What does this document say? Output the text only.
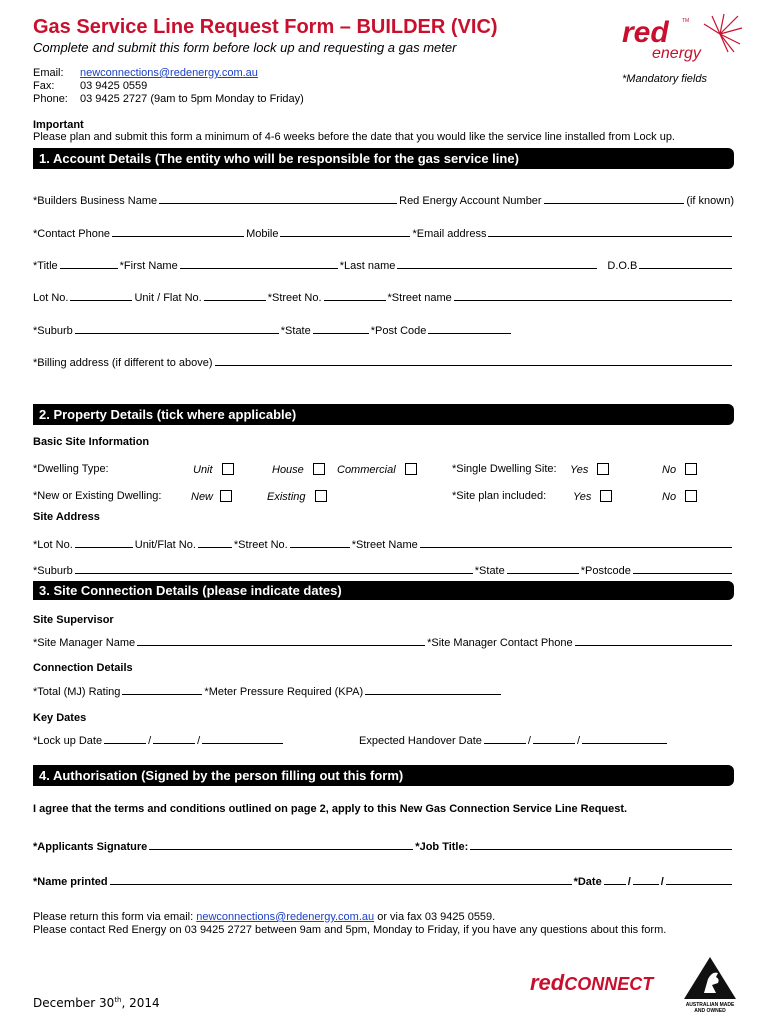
Gas Service Line Request Form – BUILDER (VIC)
Complete and submit this form before lock up and requesting a gas meter
Email: newconnections@redenergy.com.au
Fax: 03 9425 0559
Phone: 03 9425 2727 (9am to 5pm Monday to Friday)
red
energy
TM
*Mandatory fields
Important
Please plan and submit this form a minimum of 4-6 weeks before the date that you would like the service line installed from Lock up.
1. Account Details (The entity who will be responsible for the gas service line)
*Builders Business Name	Red Energy Account Number	(if known)
*Contact Phone	Mobile	*Email address
*Title	*First Name	*Last name	D.O.B
Lot No.	Unit / Flat No.	*Street No.	*Street name
*Suburb	*State	*Post Code
*Billing address (if different to above)
2. Property Details (tick where applicable)
Basic Site Information
*Dwelling Type:	Unit	House	Commercial	*Single Dwelling Site: Yes	No
*New or Existing Dwelling:	New	Existing	*Site plan included: Yes	No
Site Address
*Lot No.	Unit/Flat No.	*Street No.	*Street Name
*Suburb	*State	*Postcode
3. Site Connection Details (please indicate dates)
Site Supervisor
*Site Manager Name	*Site Manager Contact Phone
Connection Details
*Total (MJ) Rating	*Meter Pressure Required (KPA)
Key Dates
*Lock up Date	/	/	Expected Handover Date	/	/
4. Authorisation (Signed by the person filling out this form)
I agree that the terms and conditions outlined on page 2, apply to this New Gas Connection Service Line Request.
*Applicants Signature	*Job Title:
*Name printed	*Date /	/
Please return this form via email: newconnections@redenergy.com.au or via fax 03 9425 0559.
Please contact Red Energy on 03 9425 2727 between 9am and 5pm, Monday to Friday, if you have any questions about this form.
December 30th, 2014
redCONNECT
AUSTRALIAN MADE
AND OWNED
